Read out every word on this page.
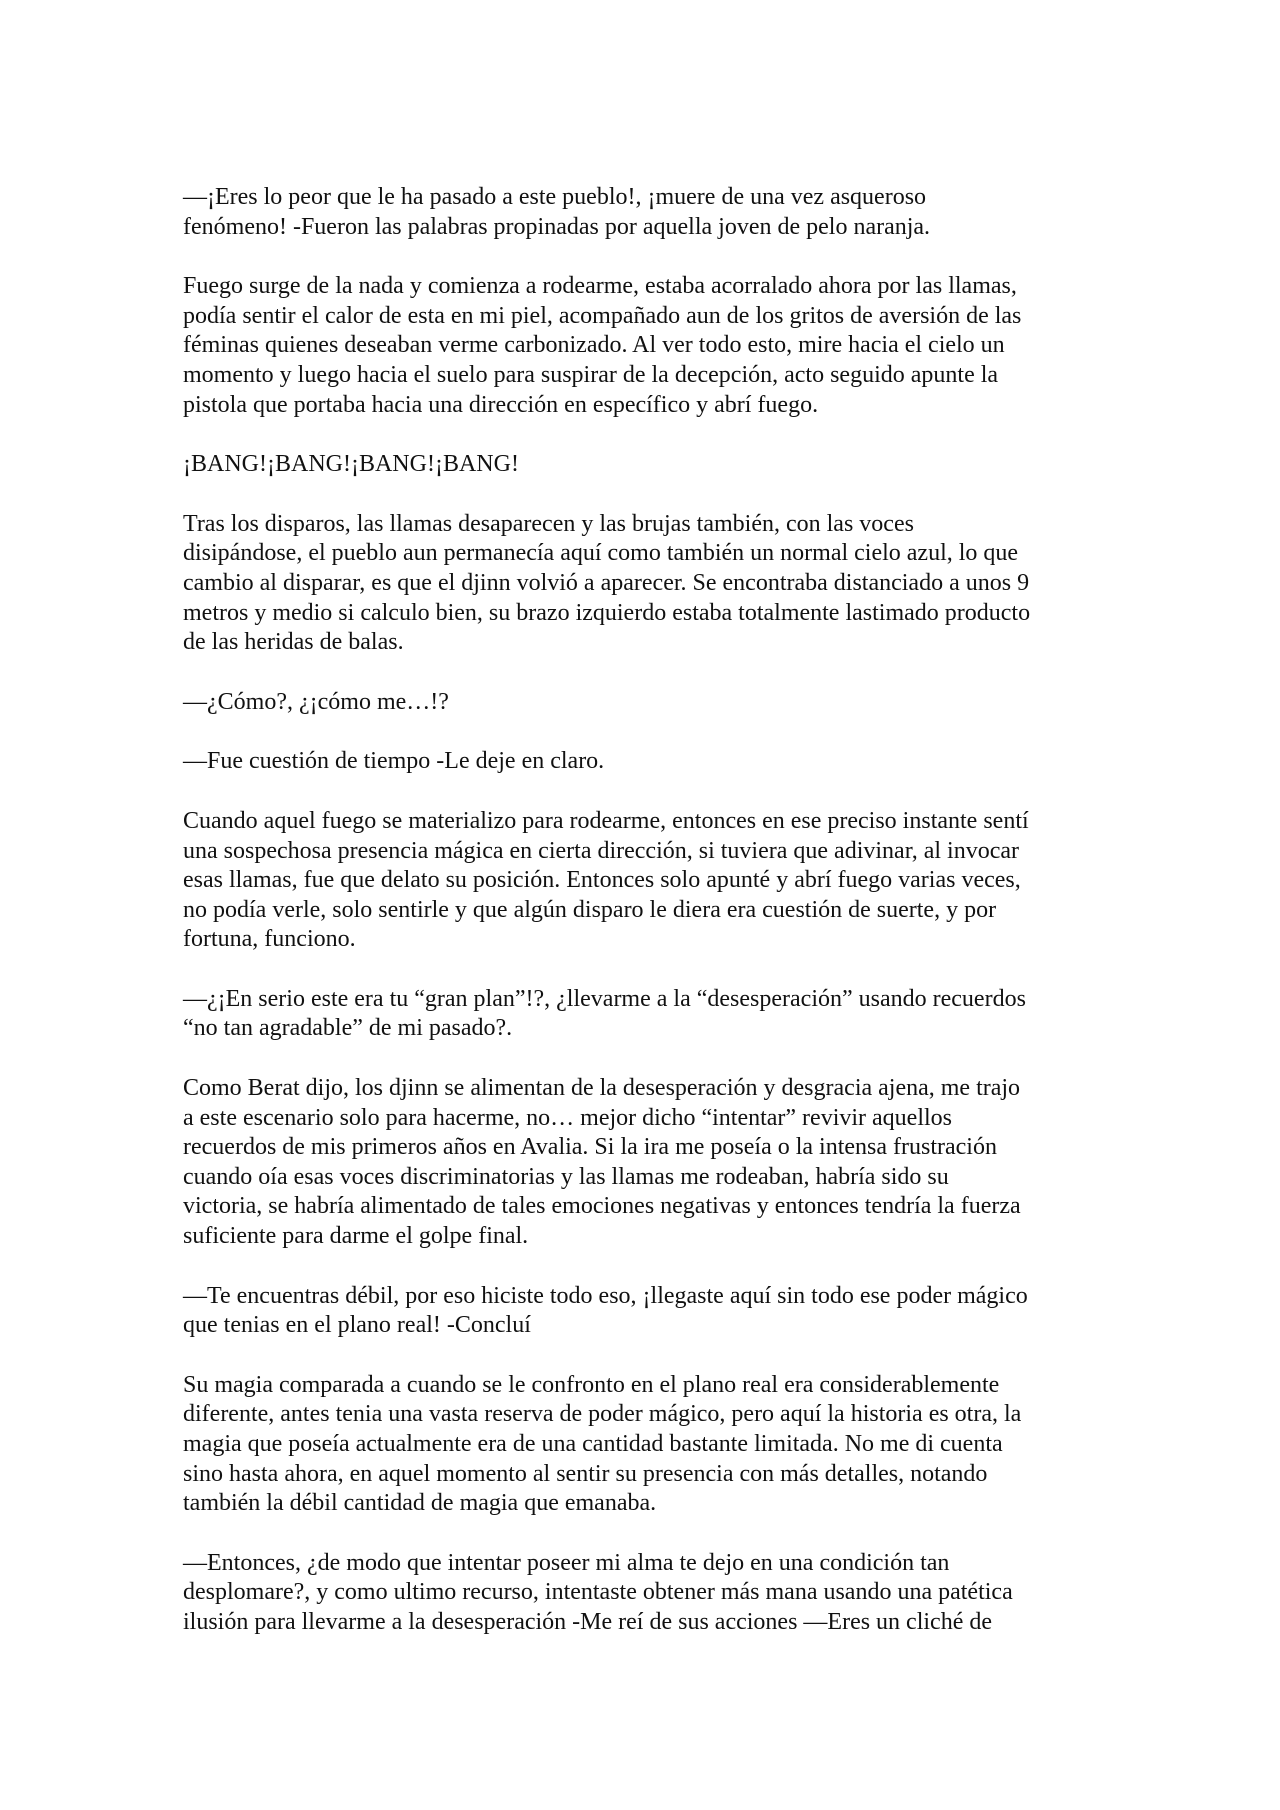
—¡Eres lo peor que le ha pasado a este pueblo!, ¡muere de una vez asqueroso
fenómeno! -Fueron las palabras propinadas por aquella joven de pelo naranja.

Fuego surge de la nada y comienza a rodearme, estaba acorralado ahora por las llamas,
podía sentir el calor de esta en mi piel, acompañado aun de los gritos de aversión de las
féminas quienes deseaban verme carbonizado. Al ver todo esto, mire hacia el cielo un
momento y luego hacia el suelo para suspirar de la decepción, acto seguido apunte la
pistola que portaba hacia una dirección en específico y abrí fuego.

¡BANG!¡BANG!¡BANG!¡BANG!

Tras los disparos, las llamas desaparecen y las brujas también, con las voces
disipándose, el pueblo aun permanecía aquí como también un normal cielo azul, lo que
cambio al disparar, es que el djinn volvió a aparecer. Se encontraba distanciado a unos 9
metros y medio si calculo bien, su brazo izquierdo estaba totalmente lastimado producto
de las heridas de balas.

—¿Cómo?, ¿¡cómo me…!?

—Fue cuestión de tiempo -Le deje en claro.

Cuando aquel fuego se materializo para rodearme, entonces en ese preciso instante sentí
una sospechosa presencia mágica en cierta dirección, si tuviera que adivinar, al invocar
esas llamas, fue que delato su posición. Entonces solo apunté y abrí fuego varias veces,
no podía verle, solo sentirle y que algún disparo le diera era cuestión de suerte, y por
fortuna, funciono.

—¿¡En serio este era tu “gran plan”!?, ¿llevarme a la “desesperación” usando recuerdos
“no tan agradable” de mi pasado?.

Como Berat dijo, los djinn se alimentan de la desesperación y desgracia ajena, me trajo
a este escenario solo para hacerme, no… mejor dicho “intentar” revivir aquellos
recuerdos de mis primeros años en Avalia. Si la ira me poseía o la intensa frustración
cuando oía esas voces discriminatorias y las llamas me rodeaban, habría sido su
victoria, se habría alimentado de tales emociones negativas y entonces tendría la fuerza
suficiente para darme el golpe final.

—Te encuentras débil, por eso hiciste todo eso, ¡llegaste aquí sin todo ese poder mágico
que tenias en el plano real! -Concluí

Su magia comparada a cuando se le confronto en el plano real era considerablemente
diferente, antes tenia una vasta reserva de poder mágico, pero aquí la historia es otra, la
magia que poseía actualmente era de una cantidad bastante limitada. No me di cuenta
sino hasta ahora, en aquel momento al sentir su presencia con más detalles, notando
también la débil cantidad de magia que emanaba.

—Entonces, ¿de modo que intentar poseer mi alma te dejo en una condición tan
desplomare?, y como ultimo recurso, intentaste obtener más mana usando una patética
ilusión para llevarme a la desesperación -Me reí de sus acciones —Eres un cliché de
